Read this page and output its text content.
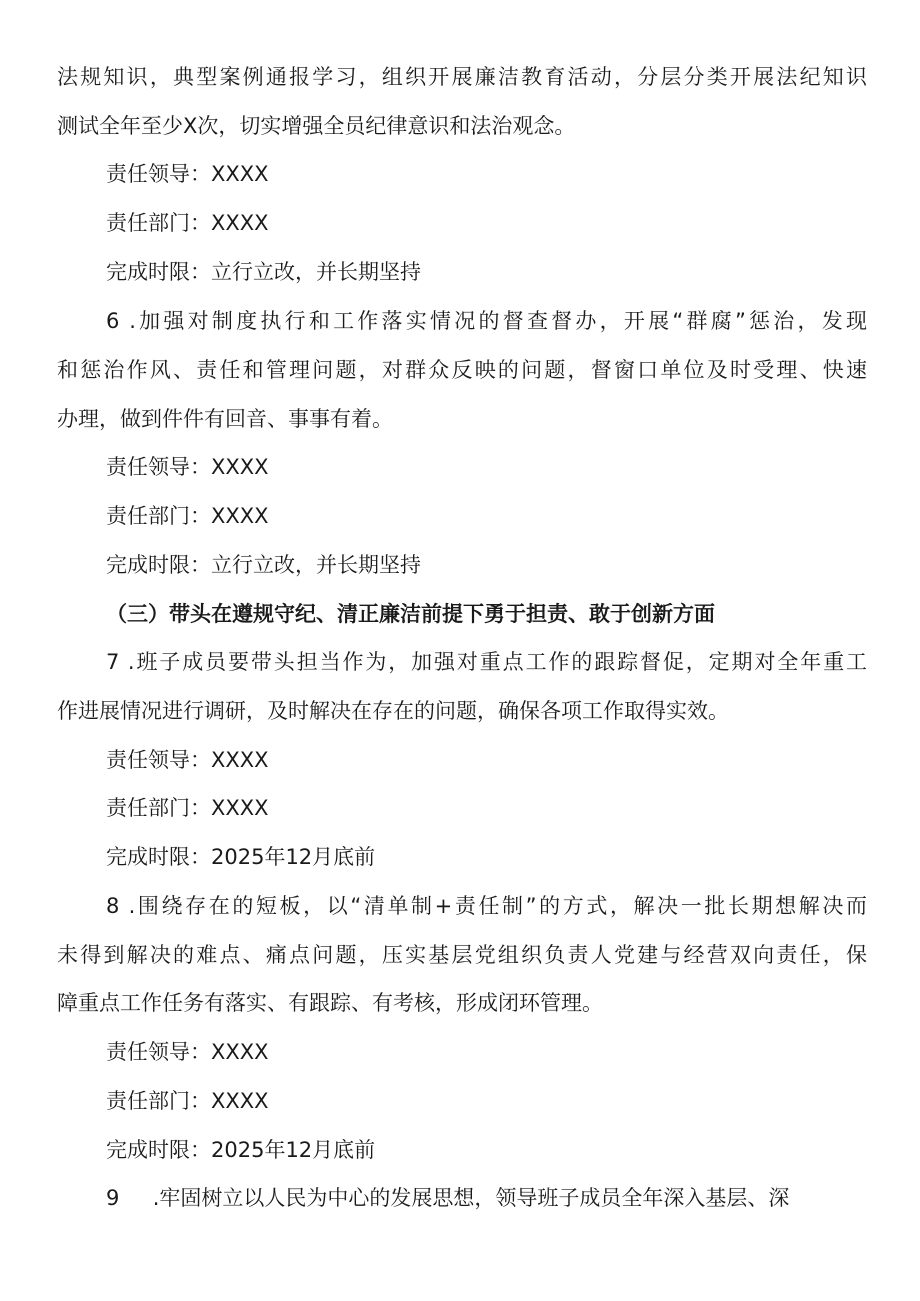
法规知识，典型案例通报学习，组织开展廉洁教育活动，分层分类开展法纪知识
测试全年至少X次，切实增强全员纪律意识和法治观念。
责任领导：XXXX
责任部门：XXXX
完成时限：立行立改，并长期坚持
6 .加强对制度执行和工作落实情况的督查督办，开展“群腐”惩治，发现
和惩治作风、责任和管理问题，对群众反映的问题，督窗口单位及时受理、快速
办理，做到件件有回音、事事有着。
责任领导：XXXX
责任部门：XXXX
完成时限：立行立改，并长期坚持
（三）带头在遵规守纪、清正廉洁前提下勇于担责、敢于创新方面
7 .班子成员要带头担当作为，加强对重点工作的跟踪督促，定期对全年重工
作进展情况进行调研，及时解决在存在的问题，确保各项工作取得实效。
责任领导：XXXX
责任部门：XXXX
完成时限：2025年12月底前
8 .围绕存在的短板，以“清单制+责任制”的方式，解决一批长期想解决而
未得到解决的难点、痛点问题，压实基层党组织负责人党建与经营双向责任，保
障重点工作任务有落实、有跟踪、有考核，形成闭环管理。
责任领导：XXXX
责任部门：XXXX
完成时限：2025年12月底前
9     .牢固树立以人民为中心的发展思想，领导班子成员全年深入基层、深
